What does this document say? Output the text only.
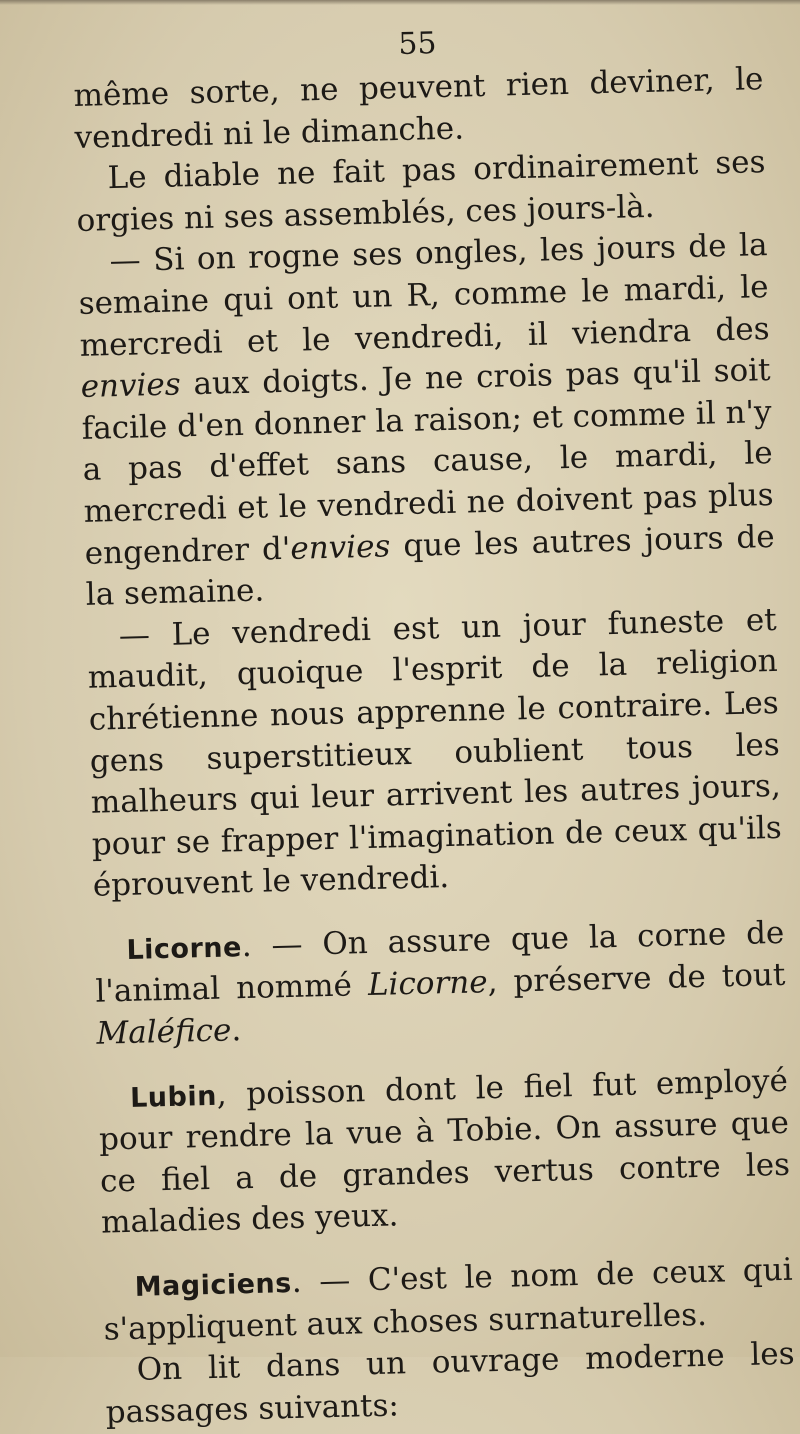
55

même sorte, ne peuvent rien deviner, le vendredi ni le dimanche.

Le diable ne fait pas ordinairement ses orgies ni ses assemblés, ces jours-là.

— Si on rogne ses ongles, les jours de la semaine qui ont un R, comme le mardi, le mercredi et le vendredi, il viendra des envies aux doigts. Je ne crois pas qu'il soit facile d'en donner la raison; et comme il n'y a pas d'effet sans cause, le mardi, le mercredi et le vendredi ne doivent pas plus engendrer d'envies que les autres jours de la semaine.

— Le vendredi est un jour funeste et maudit, quoique l'esprit de la religion chrétienne nous apprenne le contraire. Les gens superstitieux oublient tous les malheurs qui leur arrivent les autres jours, pour se frapper l'imagination de ceux qu'ils éprouvent le vendredi.

Licorne. — On assure que la corne de l'animal nommé Licorne, préserve de tout Maléfice.

Lubin, poisson dont le fiel fut employé pour rendre la vue à Tobie. On assure que ce fiel a de grandes vertus contre les maladies des yeux.

Magiciens. — C'est le nom de ceux qui s'appliquent aux choses surnaturelles.

On lit dans un ouvrage moderne les passages suivants:
